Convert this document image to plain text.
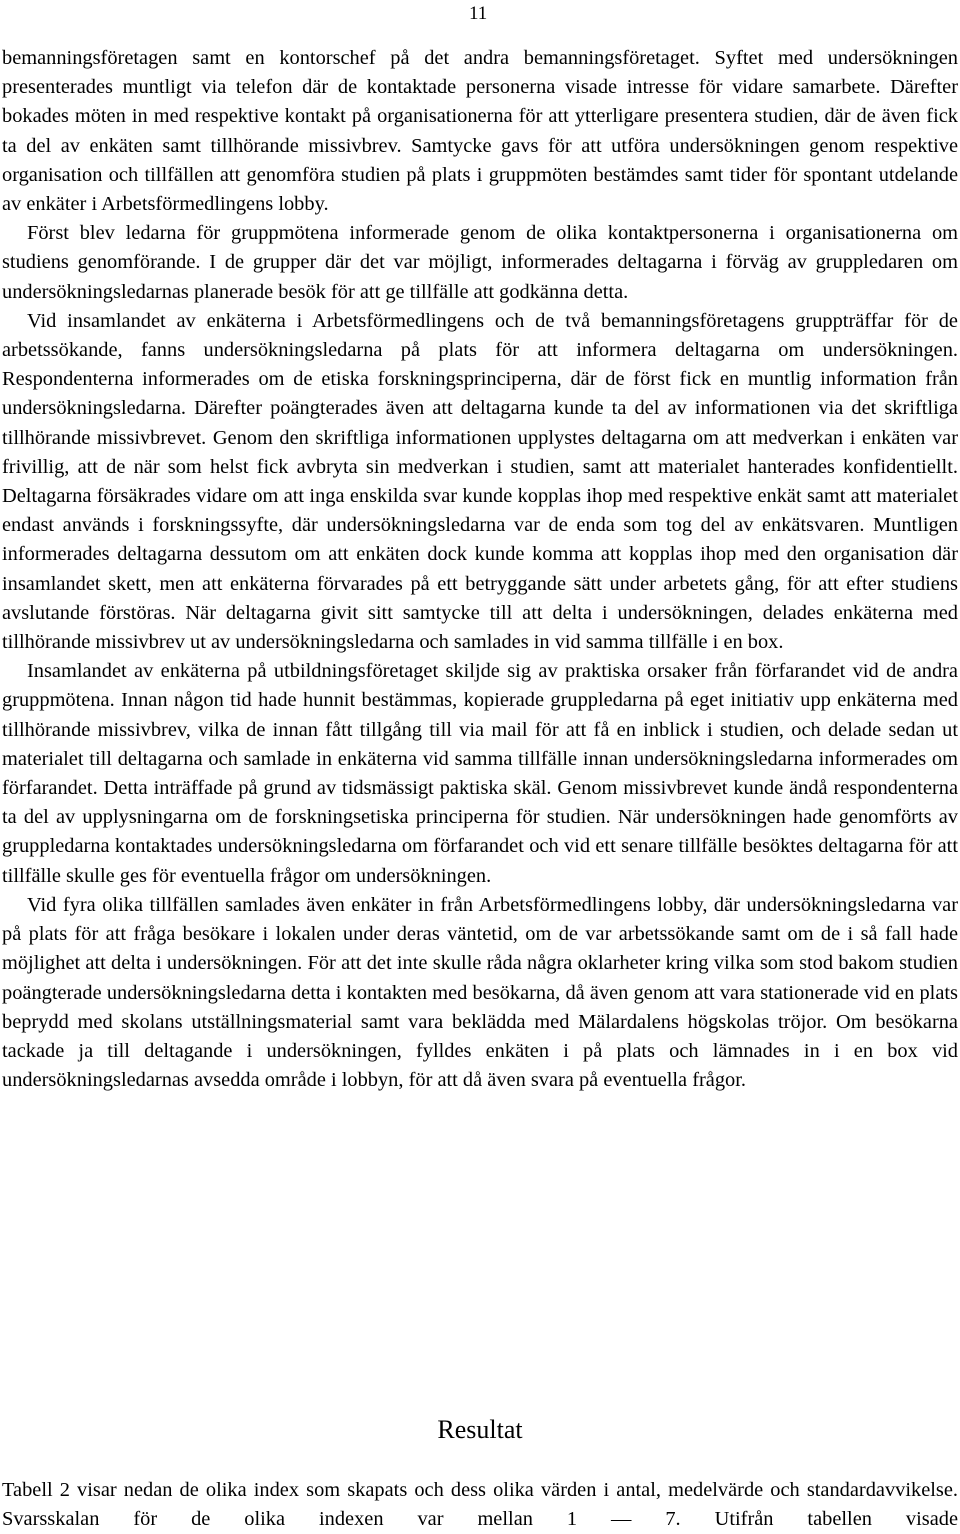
11

bemanningsföretagen samt en kontorschef på det andra bemanningsföretaget. Syftet med undersökningen presenterades muntligt via telefon där de kontaktade personerna visade intresse för vidare samarbete. Därefter bokades möten in med respektive kontakt på organisationerna för att ytterligare presentera studien, där de även fick ta del av enkäten samt tillhörande missivbrev. Samtycke gavs för att utföra undersökningen genom respektive organisation och tillfällen att genomföra studien på plats i gruppmöten bestämdes samt tider för spontant utdelande av enkäter i Arbetsförmedlingens lobby.

Först blev ledarna för gruppmötena informerade genom de olika kontaktpersonerna i organisationerna om studiens genomförande. I de grupper där det var möjligt, informerades deltagarna i förväg av gruppledaren om undersökningsledarnas planerade besök för att ge tillfälle att godkänna detta.

Vid insamlandet av enkäterna i Arbetsförmedlingens och de två bemanningsföretagens gruppträffar för de arbetssökande, fanns undersökningsledarna på plats för att informera deltagarna om undersökningen. Respondenterna informerades om de etiska forskningsprinciperna, där de först fick en muntlig information från undersökningsledarna. Därefter poängterades även att deltagarna kunde ta del av informationen via det skriftliga tillhörande missivbrevet. Genom den skriftliga informationen upplystes deltagarna om att medverkan i enkäten var frivillig, att de när som helst fick avbryta sin medverkan i studien, samt att materialet hanterades konfidentiellt. Deltagarna försäkrades vidare om att inga enskilda svar kunde kopplas ihop med respektive enkät samt att materialet endast används i forskningssyfte, där undersökningsledarna var de enda som tog del av enkätsvaren. Muntligen informerades deltagarna dessutom om att enkäten dock kunde komma att kopplas ihop med den organisation där insamlandet skett, men att enkäterna förvarades på ett betryggande sätt under arbetets gång, för att efter studiens avslutande förstöras. När deltagarna givit sitt samtycke till att delta i undersökningen, delades enkäterna med tillhörande missivbrev ut av undersökningsledarna och samlades in vid samma tillfälle i en box.

Insamlandet av enkäterna på utbildningsföretaget skiljde sig av praktiska orsaker från förfarandet vid de andra gruppmötena. Innan någon tid hade hunnit bestämmas, kopierade gruppledarna på eget initiativ upp enkäterna med tillhörande missivbrev, vilka de innan fått tillgång till via mail för att få en inblick i studien, och delade sedan ut materialet till deltagarna och samlade in enkäterna vid samma tillfälle innan undersökningsledarna informerades om förfarandet. Detta inträffade på grund av tidsmässigt paktiska skäl. Genom missivbrevet kunde ändå respondenterna ta del av upplysningarna om de forskningsetiska principerna för studien. När undersökningen hade genomförts av gruppledarna kontaktades undersökningsledarna om förfarandet och vid ett senare tillfälle besöktes deltagarna för att tillfälle skulle ges för eventuella frågor om undersökningen.

Vid fyra olika tillfällen samlades även enkäter in från Arbetsförmedlingens lobby, där undersökningsledarna var på plats för att fråga besökare i lokalen under deras väntetid, om de var arbetssökande samt om de i så fall hade möjlighet att delta i undersökningen. För att det inte skulle råda några oklarheter kring vilka som stod bakom studien poängterade undersökningsledarna detta i kontakten med besökarna, då även genom att vara stationerade vid en plats beprydd med skolans utställningsmaterial samt vara beklädda med Mälardalens högskolas tröjor. Om besökarna tackade ja till deltagande i undersökningen, fylldes enkäten i på plats och lämnades in i en box vid undersökningsledarnas avsedda område i lobbyn, för att då även svara på eventuella frågor.

Resultat

Tabell 2 visar nedan de olika index som skapats och dess olika värden i antal, medelvärde och standardavvikelse. Svarsskalan för de olika indexen var mellan 1 — 7. Utifrån tabellen visade
